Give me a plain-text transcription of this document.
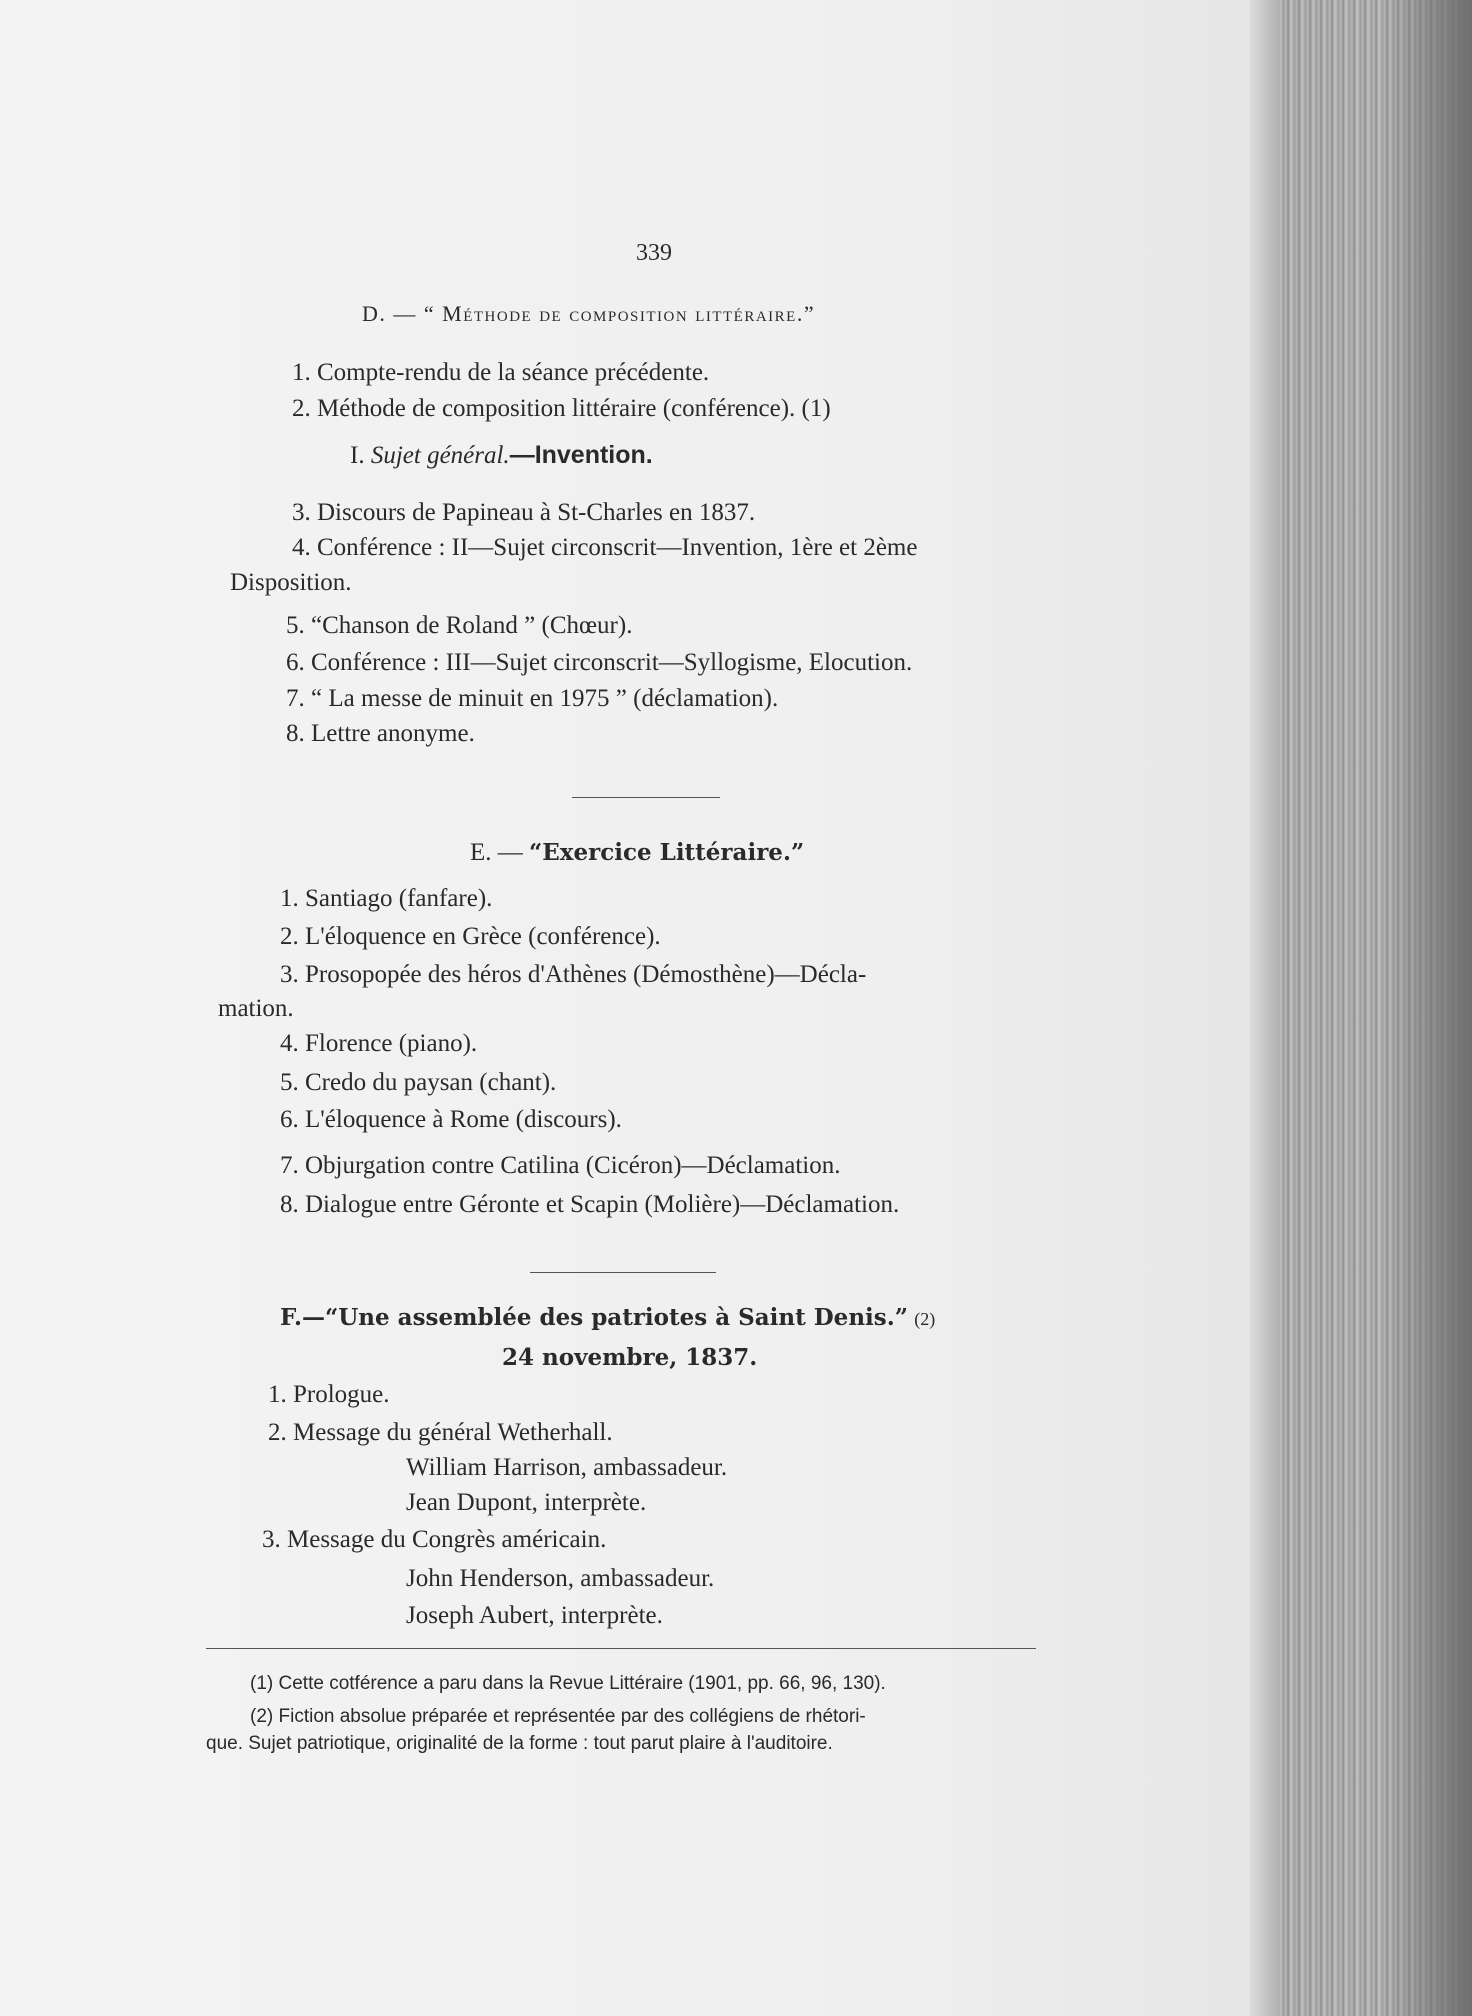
339
D. — “ Méthode de composition littéraire.”
1. Compte-rendu de la séance précédente.
2. Méthode de composition littéraire (conférence). (1)
I. Sujet général.—Invention.
3. Discours de Papineau à St-Charles en 1837.
4. Conférence : II—Sujet circonscrit—Invention, 1ère et 2ème
Disposition.
5. “Chanson de Roland ” (Chœur).
6. Conférence : III—Sujet circonscrit—Syllogisme, Elocution.
7. “ La messe de minuit en 1975 ” (déclamation).
8. Lettre anonyme.
E. — “Exercice Littéraire.”
1. Santiago (fanfare).
2. L'éloquence en Grèce (conférence).
3. Prosopopée des héros d'Athènes (Démosthène)—Décla-
mation.
4. Florence (piano).
5. Credo du paysan (chant).
6. L'éloquence à Rome (discours).
7. Objurgation contre Catilina (Cicéron)—Déclamation.
8. Dialogue entre Géronte et Scapin (Molière)—Déclamation.
F.—“Une assemblée des patriotes à Saint Denis.” (2)
24 novembre, 1837.
1. Prologue.
2. Message du général Wetherhall.
William Harrison, ambassadeur.
Jean Dupont, interprète.
3. Message du Congrès américain.
John Henderson, ambassadeur.
Joseph Aubert, interprète.
(1) Cette cotférence a paru dans la Revue Littéraire (1901, pp. 66, 96, 130).
(2) Fiction absolue préparée et représentée par des collégiens de rhétori-
que. Sujet patriotique, originalité de la forme : tout parut plaire à l'auditoire.
